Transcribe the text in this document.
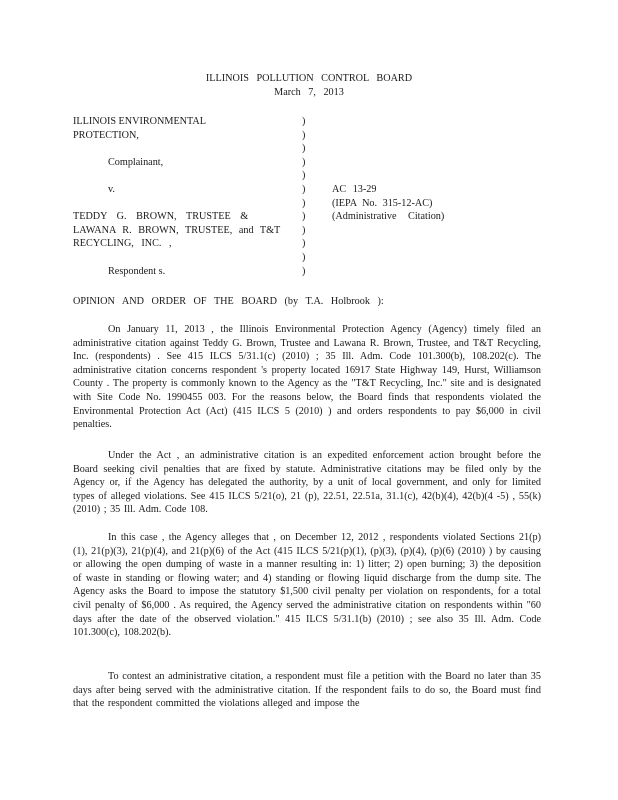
ILLINOIS POLLUTION CONTROL BOARD
March 7, 2013
ILLINOIS ENVIRONMENTAL
PROTECTION,
Complainant,
v.
TEDDY G. BROWN, TRUSTEE &
LAWANA R. BROWN, TRUSTEE, and T&T
RECYCLING, INC. ,
Respondent s.
)
)
)
)
)
)
)
)
)
)
)
)
AC 13-29
(IEPA No. 315-12-AC)
(Administrative Citation)
OPINION AND ORDER OF THE BOARD (by T.A. Holbrook ):

On January 11, 2013 , the Illinois Environmental Protection Agency (Agency) timely filed an administrative citation against Teddy G. Brown, Trustee and Lawana R. Brown, Trustee, and T&T Recycling, Inc. (respondents) . See 415 ILCS 5/31.1(c) (2010) ; 35 Ill. Adm. Code 101.300(b), 108.202(c). The administrative citation concerns respondent 's property located 16917 State Highway 149, Hurst, Williamson County . The property is commonly known to the Agency as the "T&T Recycling, Inc." site and is designated with Site Code No. 1990455 003. For the reasons below, the Board finds that respondents violated the Environmental Protection Act (Act) (415 ILCS 5 (2010) ) and orders respondents to pay $6,000 in civil penalties.

Under the Act , an administrative citation is an expedited enforcement action brought before the Board seeking civil penalties that are fixed by statute. Administrative citations may be filed only by the Agency or, if the Agency has delegated the authority, by a unit of local government, and only for limited types of alleged violations. See 415 ILCS 5/21(o), 21 (p), 22.51, 22.51a, 31.1(c), 42(b)(4), 42(b)(4 -5) , 55(k) (2010) ; 35 Ill. Adm. Code 108.

In this case , the Agency alleges that , on December 12, 2012 , respondents violated Sections 21(p)(1), 21(p)(3), 21(p)(4), and 21(p)(6) of the Act (415 ILCS 5/21(p)(1), (p)(3), (p)(4), (p)(6) (2010) ) by causing or allowing the open dumping of waste in a manner resulting in: 1) litter; 2) open burning; 3) the deposition of waste in standing or flowing water; and 4) standing or flowing liquid discharge from the dump site. The Agency asks the Board to impose the statutory $1,500 civil penalty per violation on respondents, for a total civil penalty of $6,000 . As required, the Agency served the administrative citation on respondents within "60 days after the date of the observed violation." 415 ILCS 5/31.1(b) (2010) ; see also 35 Ill. Adm. Code 101.300(c), 108.202(b).

To contest an administrative citation, a respondent must file a petition with the Board no later than 35 days after being served with the administrative citation. If the respondent fails to do so, the Board must find that the respondent committed the violations alleged and impose the
